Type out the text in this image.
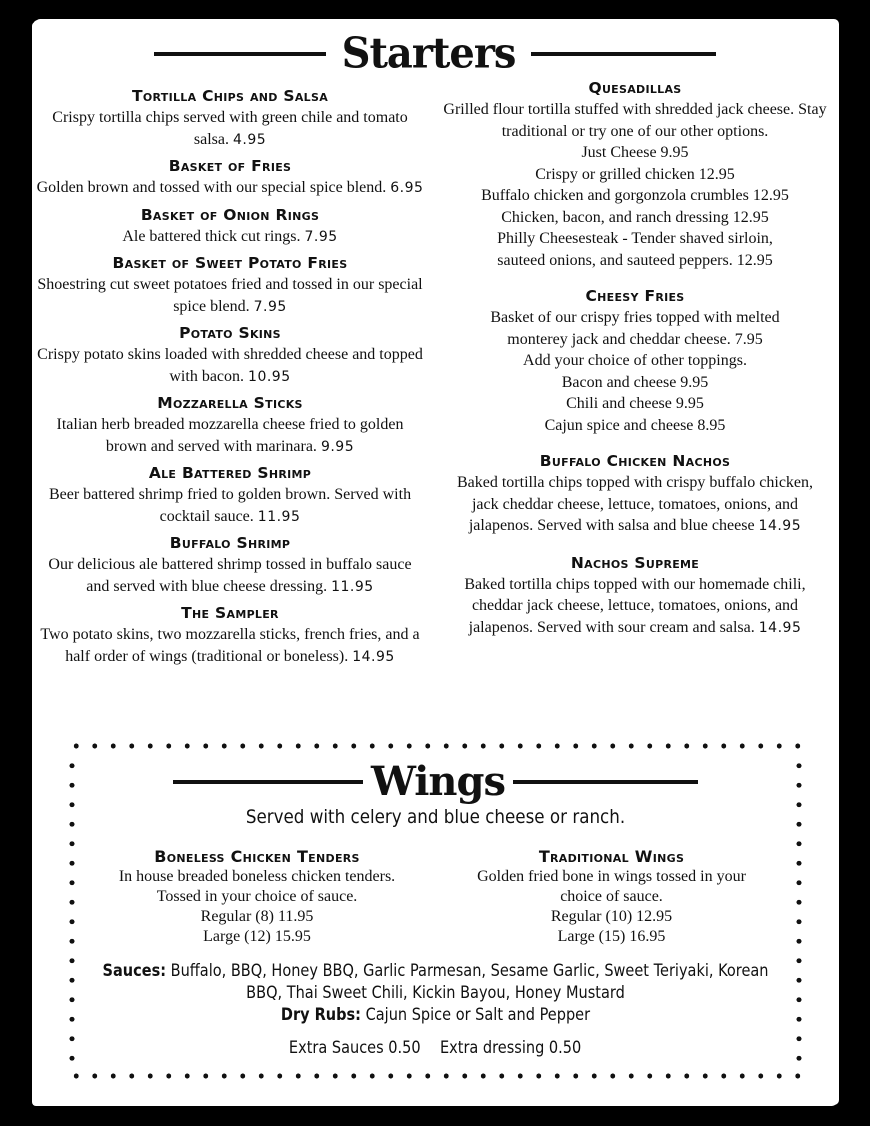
Starters
Tortilla Chips and Salsa
Crispy tortilla chips served with green chile and tomato salsa. 4.95
Basket of Fries
Golden brown and tossed with our special spice blend. 6.95
Basket of Onion Rings
Ale battered thick cut rings. 7.95
Basket of Sweet Potato Fries
Shoestring cut sweet potatoes fried and tossed in our special spice blend. 7.95
Potato Skins
Crispy potato skins loaded with shredded cheese and topped with bacon. 10.95
Mozzarella Sticks
Italian herb breaded mozzarella cheese fried to golden brown and served with marinara. 9.95
Ale Battered Shrimp
Beer battered shrimp fried to golden brown. Served with cocktail sauce. 11.95
Buffalo Shrimp
Our delicious ale battered shrimp tossed in buffalo sauce and served with blue cheese dressing. 11.95
The Sampler
Two potato skins, two mozzarella sticks, french fries, and a half order of wings (traditional or boneless). 14.95
Quesadillas
Grilled flour tortilla stuffed with shredded jack cheese. Stay traditional or try one of our other options.
Just Cheese 9.95
Crispy or grilled chicken 12.95
Buffalo chicken and gorgonzola crumbles 12.95
Chicken, bacon, and ranch dressing 12.95
Philly Cheesesteak - Tender shaved sirloin, sauteed onions, and sauteed peppers. 12.95
Cheesy Fries
Basket of our crispy fries topped with melted monterey jack and cheddar cheese. 7.95
Add your choice of other toppings.
Bacon and cheese 9.95
Chili and cheese 9.95
Cajun spice and cheese 8.95
Buffalo Chicken Nachos
Baked tortilla chips topped with crispy buffalo chicken, jack cheddar cheese, lettuce, tomatoes, onions, and jalapenos. Served with salsa and blue cheese 14.95
Nachos Supreme
Baked tortilla chips topped with our homemade chili, cheddar jack cheese, lettuce, tomatoes, onions, and jalapenos. Served with sour cream and salsa. 14.95
Wings
Served with celery and blue cheese or ranch.
Boneless Chicken Tenders
In house breaded boneless chicken tenders. Tossed in your choice of sauce.
Regular (8) 11.95
Large (12) 15.95
Traditional Wings
Golden fried bone in wings tossed in your choice of sauce.
Regular (10) 12.95
Large (15) 16.95
Sauces: Buffalo, BBQ, Honey BBQ, Garlic Parmesan, Sesame Garlic, Sweet Teriyaki, Korean BBQ, Thai Sweet Chili, Kickin Bayou, Honey Mustard
Dry Rubs: Cajun Spice or Salt and Pepper
Extra Sauces 0.50 Extra dressing 0.50
